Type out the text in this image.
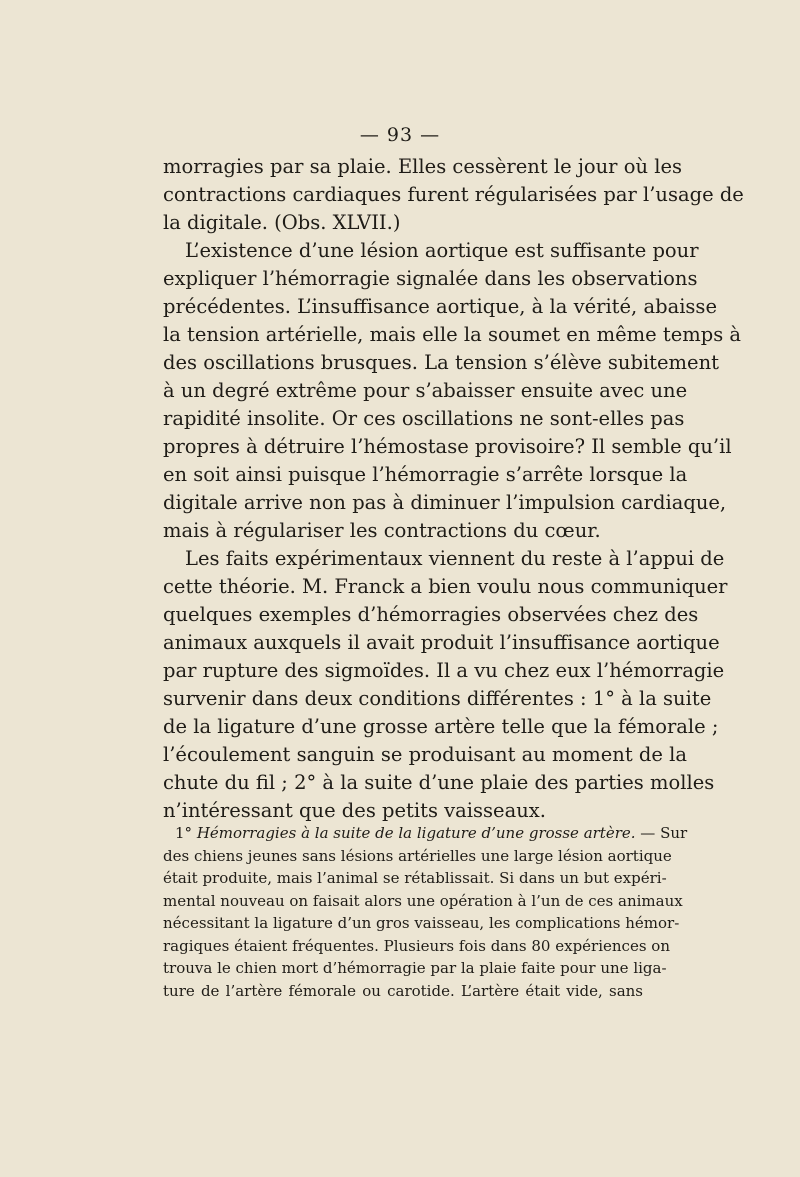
— 93 —
morragies par sa plaie. Elles cessèrent le jour où les
contractions cardiaques furent régularisées par l’usage de
la digitale. (Obs. XLVII.)
L’existence d’une lésion aortique est suffisante pour
expliquer l’hémorragie signalée dans les observations
précédentes. L’insuffisance aortique, à la vérité, abaisse
la tension artérielle, mais elle la soumet en même temps à
des oscillations brusques. La tension s’élève subitement
à un degré extrême pour s’abaisser ensuite avec une
rapidité insolite. Or ces oscillations ne sont-elles pas
propres à détruire l’hémostase provisoire? Il semble qu’il
en soit ainsi puisque l’hémorragie s’arrête lorsque la
digitale arrive non pas à diminuer l’impulsion cardiaque,
mais à régulariser les contractions du cœur.
Les faits expérimentaux viennent du reste à l’appui de
cette théorie. M. Franck a bien voulu nous communiquer
quelques exemples d’hémorragies observées chez des
animaux auxquels il avait produit l’insuffisance aortique
par rupture des sigmoïdes. Il a vu chez eux l’hémorragie
survenir dans deux conditions différentes : 1° à la suite
de la ligature d’une grosse artère telle que la fémorale ;
l’écoulement sanguin se produisant au moment de la
chute du fil ; 2° à la suite d’une plaie des parties molles
n’intéressant que des petits vaisseaux.
1° Hémorragies à la suite de la ligature d’une grosse artère. — Sur
des chiens jeunes sans lésions artérielles une large lésion aortique
était produite, mais l’animal se rétablissait. Si dans un but expéri-
mental nouveau on faisait alors une opération à l’un de ces animaux
nécessitant la ligature d’un gros vaisseau, les complications hémor-
ragiques étaient fréquentes. Plusieurs fois dans 80 expériences on
trouva le chien mort d’hémorragie par la plaie faite pour une liga-
ture de l’artère fémorale ou carotide. L’artère était vide, sans
